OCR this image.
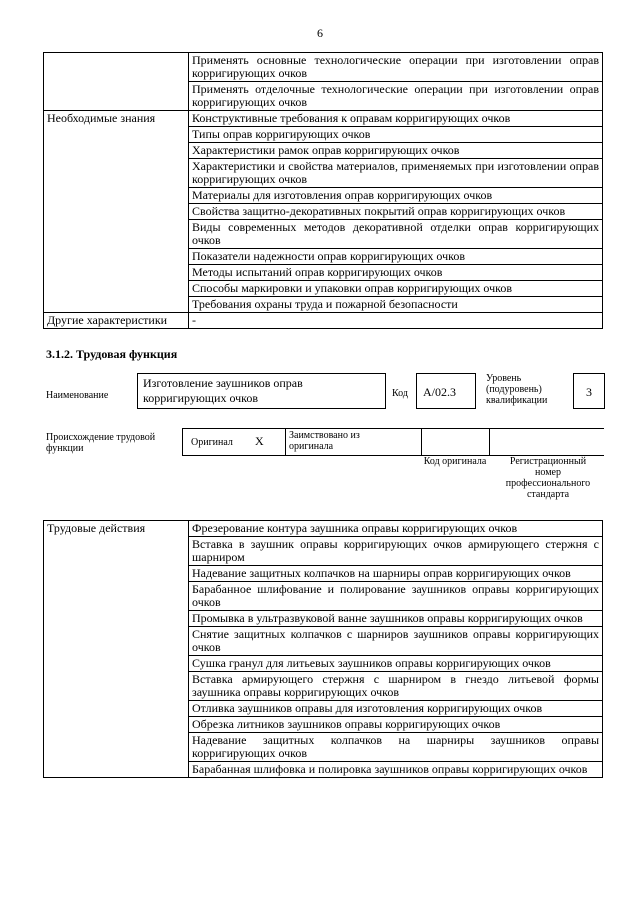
6
	Применять основные технологические операции при изготовлении оправ корригирующих очков
	Применять отделочные технологические операции при изготовлении оправ корригирующих очков
Необходимые знания	Конструктивные требования к оправам корригирующих очков
	Типы оправ корригирующих очков
	Характеристики рамок оправ корригирующих очков
	Характеристики и свойства материалов, применяемых при изготовлении оправ корригирующих очков
	Материалы для изготовления оправ корригирующих очков
	Свойства защитно-декоративных покрытий оправ корригирующих очков
	Виды современных методов декоративной отделки оправ корригирующих очков
	Показатели надежности оправ корригирующих очков
	Методы испытаний оправ корригирующих очков
	Способы маркировки и упаковки оправ корригирующих очков
	Требования охраны труда и пожарной безопасности
Другие характеристики	-
3.1.2. Трудовая функция
Наименование
Изготовление заушников оправ корригирующих очков	Код A/02.3
Уровень (подуровень) квалификации
3
Происхождение трудовой функции
Оригинал X	Заимствовано из оригинала
Код оригинала	Регистрационный номер профессионального стандарта
Трудовые действия	Фрезерование контура заушника оправы корригирующих очков
Вставка в заушник оправы корригирующих очков армирующего стержня с шарниром
Надевание защитных колпачков на шарниры оправ корригирующих очков
Барабанное шлифование и полирование заушников оправы корригирующих очков
Промывка в ультразвуковой ванне заушников оправы корригирующих очков
Снятие защитных колпачков с шарниров заушников оправы корригирующих очков
Сушка гранул для литьевых заушников оправы корригирующих очков
Вставка армирующего стержня с шарниром в гнездо литьевой формы заушника оправы корригирующих очков
Отливка заушников оправы для изготовления корригирующих очков
Обрезка литников заушников оправы корригирующих очков
Надевание защитных колпачков на шарниры заушников оправы корригирующих очков
Барабанная шлифовка и полировка заушников оправы корригирующих очков
